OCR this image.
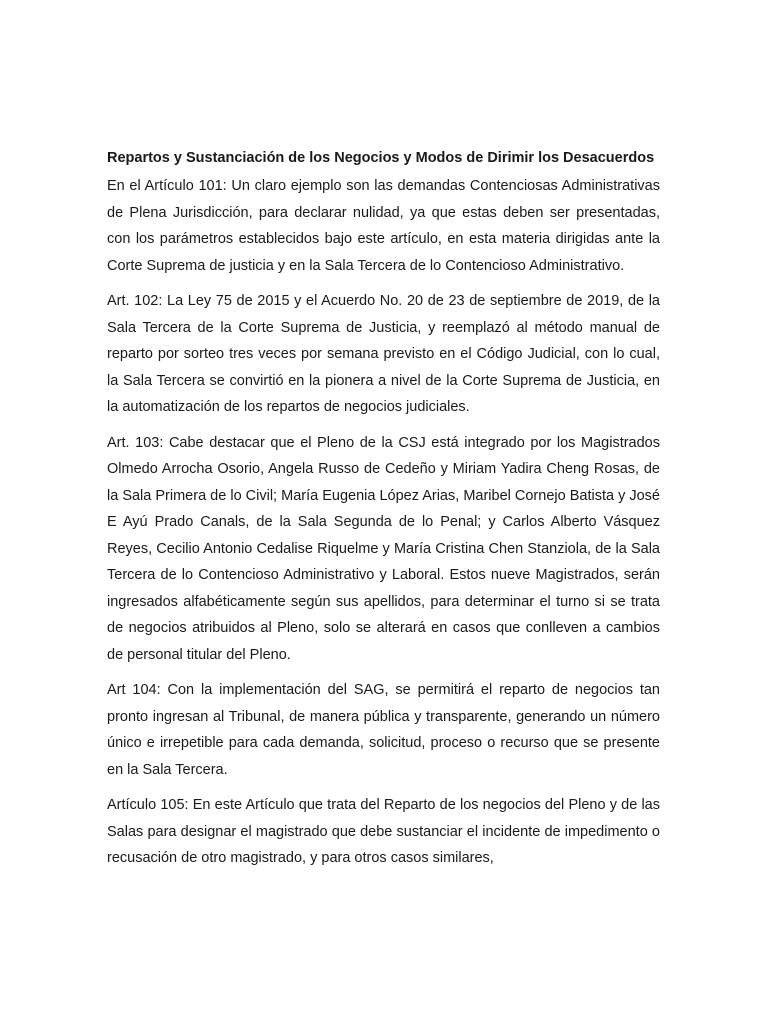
Repartos y Sustanciación de los Negocios y Modos de Dirimir los Desacuerdos

En el Artículo 101: Un claro ejemplo son las demandas Contenciosas Administrativas de Plena Jurisdicción, para declarar nulidad, ya que estas deben ser presentadas, con los parámetros establecidos bajo este artículo, en esta materia dirigidas ante la Corte Suprema de justicia y en la Sala Tercera de lo Contencioso Administrativo.

Art. 102: La Ley 75 de 2015 y el Acuerdo No. 20 de 23 de septiembre de 2019, de la Sala Tercera de la Corte Suprema de Justicia, y reemplazó al método manual de reparto por sorteo tres veces por semana previsto en el Código Judicial, con lo cual, la Sala Tercera se convirtió en la pionera a nivel de la Corte Suprema de Justicia, en la automatización de los repartos de negocios judiciales.

Art. 103: Cabe destacar que el Pleno de la CSJ está integrado por los Magistrados Olmedo Arrocha Osorio, Angela Russo de Cedeño y Miriam Yadira Cheng Rosas, de la Sala Primera de lo Civil; María Eugenia López Arias, Maribel Cornejo Batista y José E Ayú Prado Canals, de la Sala Segunda de lo Penal; y Carlos Alberto Vásquez Reyes, Cecilio Antonio Cedalise Riquelme y María Cristina Chen Stanziola, de la Sala Tercera de lo Contencioso Administrativo y Laboral. Estos nueve Magistrados, serán ingresados alfabéticamente según sus apellidos, para determinar el turno si se trata de negocios atribuidos al Pleno, solo se alterará en casos que conlleven a cambios de personal titular del Pleno.

Art 104: Con la implementación del SAG, se permitirá el reparto de negocios tan pronto ingresan al Tribunal, de manera pública y transparente, generando un número único e irrepetible para cada demanda, solicitud, proceso o recurso que se presente en la Sala Tercera.

Artículo 105: En este Artículo que trata del Reparto de los negocios del Pleno y de las Salas para designar el magistrado que debe sustanciar el incidente de impedimento o recusación de otro magistrado, y para otros casos similares,
